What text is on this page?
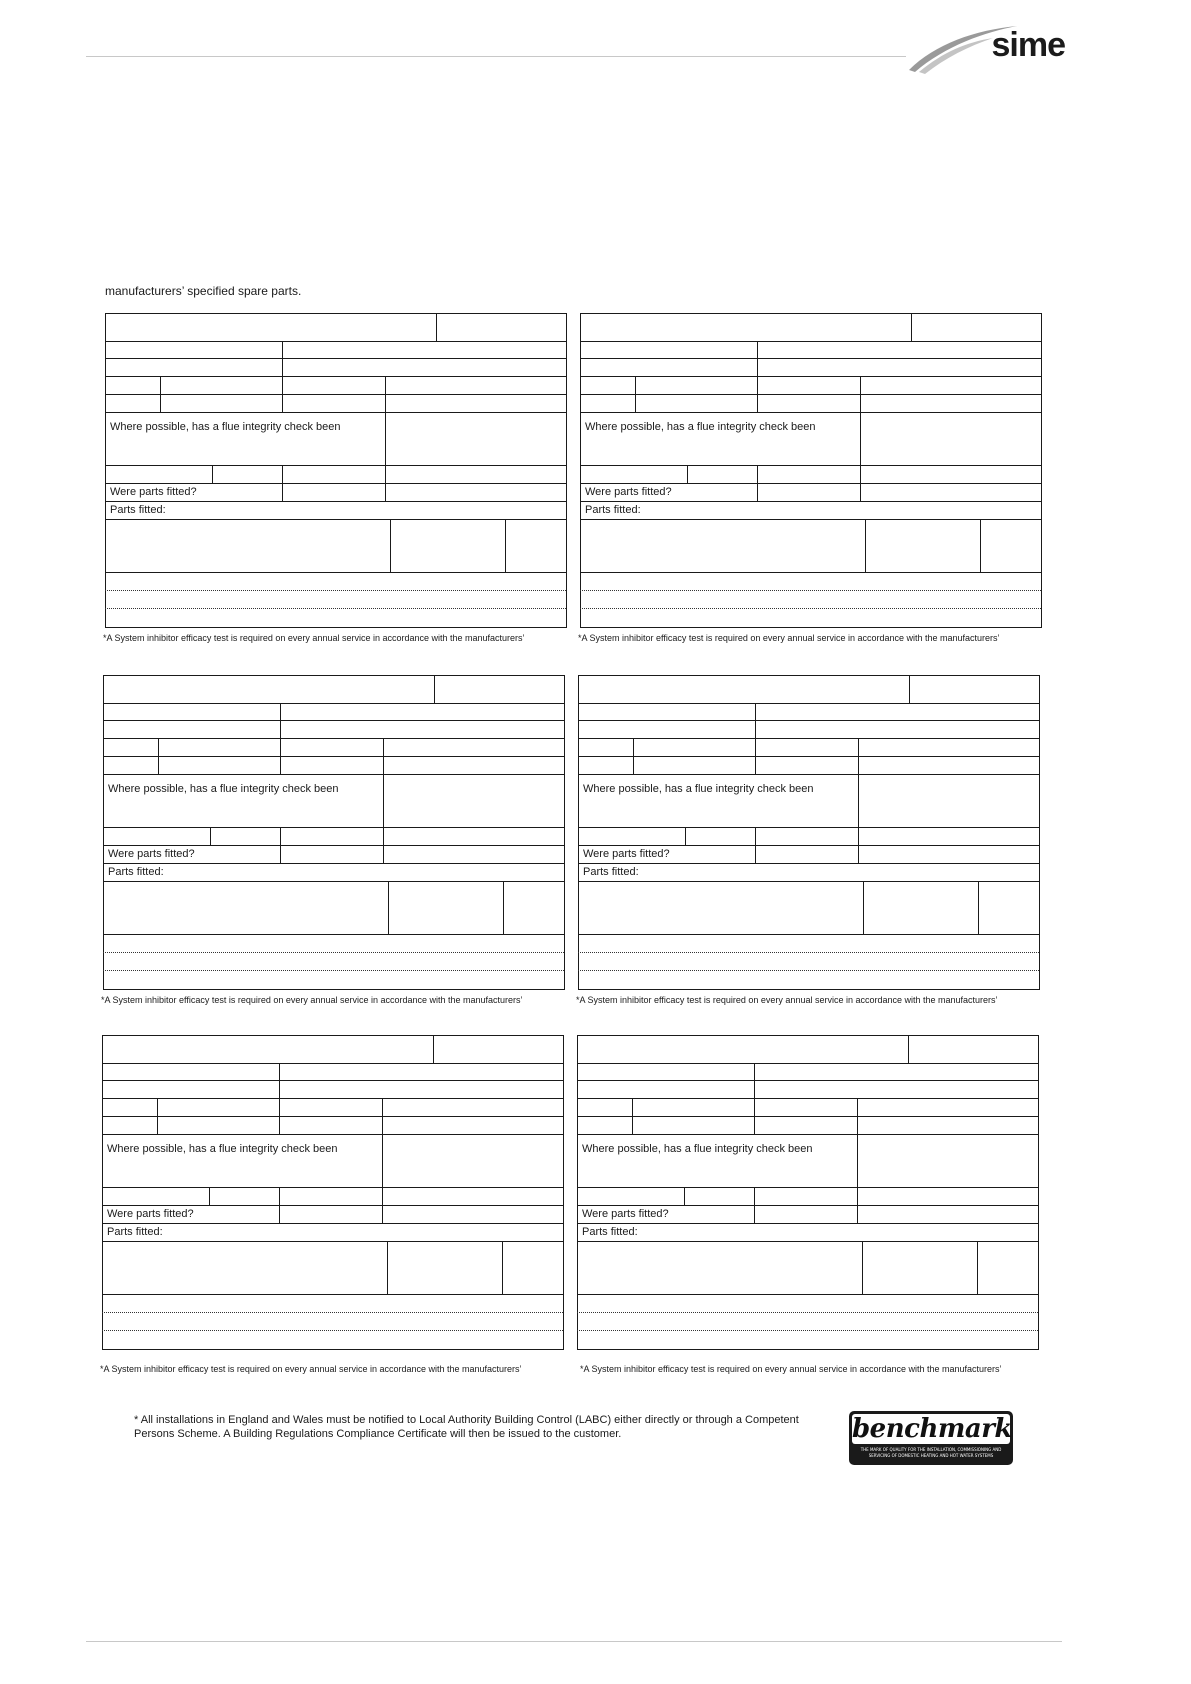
sime
manufacturers’ specified spare parts.
Where possible, has a flue integrity check been
Were parts fitted?
Parts fitted:
*A System inhibitor efficacy test is required on every annual service in accordance with the manufacturers’
Where possible, has a flue integrity check been
Were parts fitted?
Parts fitted:
*A System inhibitor efficacy test is required on every annual service in accordance with the manufacturers’
Where possible, has a flue integrity check been
Were parts fitted?
Parts fitted:
*A System inhibitor efficacy test is required on every annual service in accordance with the manufacturers’
Where possible, has a flue integrity check been
Were parts fitted?
Parts fitted:
*A System inhibitor efficacy test is required on every annual service in accordance with the manufacturers’
Where possible, has a flue integrity check been
Were parts fitted?
Parts fitted:
*A System inhibitor efficacy test is required on every annual service in accordance with the manufacturers’
Where possible, has a flue integrity check been
Were parts fitted?
Parts fitted:
*A System inhibitor efficacy test is required on every annual service in accordance with the manufacturers’
* All installations in England and Wales must be notified to Local Authority Building Control (LABC) either directly or through a Competent Persons Scheme. A Building Regulations Compliance Certificate will then be issued to the customer.	benchmark
THE MARK OF QUALITY FOR THE INSTALLATION, COMMISSIONING AND SERVICING OF DOMESTIC HEATING AND HOT WATER SYSTEMS
